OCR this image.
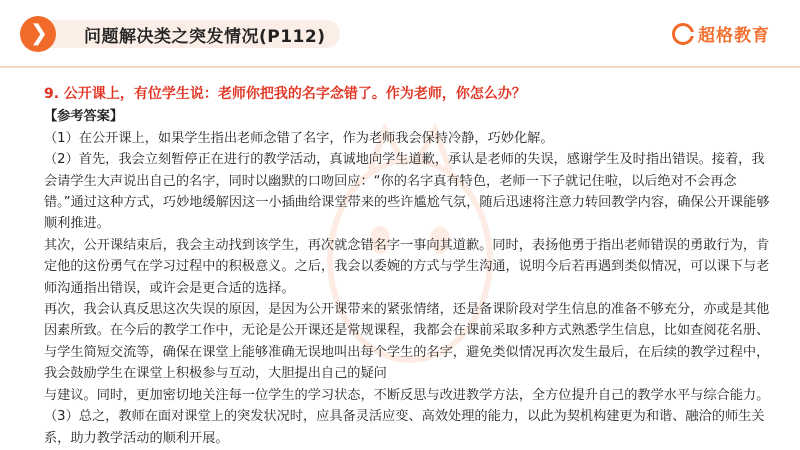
❯ 问题解决类之突发情况(P112)	超格教育

9. 公开课上，有位学生说：老师你把我的名字念错了。作为老师，你怎么办？

【参考答案】

（1）在公开课上，如果学生指出老师念错了名字，作为老师我会保持冷静，巧妙化解。

（2）首先，我会立刻暂停正在进行的教学活动，真诚地向学生道歉，承认是老师的失误，感谢学生及时指出错误。接着，我会请学生大声说出自己的名字，同时以幽默的口吻回应：“你的名字真有特色，老师一下子就记住啦，以后绝对不会再念错。”通过这种方式，巧妙地缓解因这一小插曲给课堂带来的些许尴尬气氛，随后迅速将注意力转回教学内容，确保公开课能够顺利推进。

其次，公开课结束后，我会主动找到该学生，再次就念错名字一事向其道歉。同时，表扬他勇于指出老师错误的勇敢行为，肯定他的这份勇气在学习过程中的积极意义。之后，我会以委婉的方式与学生沟通，说明今后若再遇到类似情况，可以课下与老师沟通指出错误，或许会是更合适的选择。

再次，我会认真反思这次失误的原因，是因为公开课带来的紧张情绪，还是备课阶段对学生信息的准备不够充分，亦或是其他因素所致。在今后的教学工作中，无论是公开课还是常规课程，我都会在课前采取多种方式熟悉学生信息，比如查阅花名册、与学生简短交流等，确保在课堂上能够准确无误地叫出每个学生的名字，避免类似情况再次发生最后，在后续的教学过程中，我会鼓励学生在课堂上积极参与互动，大胆提出自己的疑问

与建议。同时，更加密切地关注每一位学生的学习状态，不断反思与改进教学方法，全方位提升自己的教学水平与综合能力。

（3）总之，教师在面对课堂上的突发状况时，应具备灵活应变、高效处理的能力，以此为契机构建更为和谐、融洽的师生关系，助力教学活动的顺利开展。
